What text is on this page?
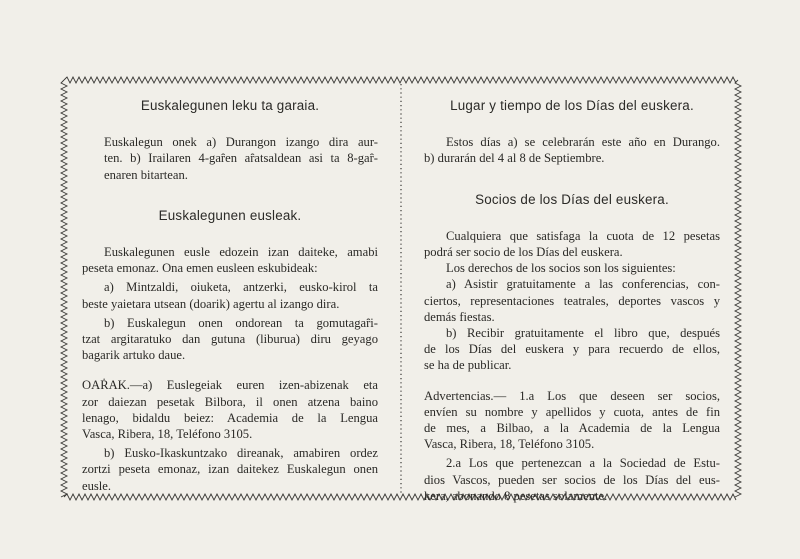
Euskalegunen leku ta garaia.

Euskalegun onek a) Durangon izango dira aur-
ten. b) Irailaren 4-gaȓen aȓatsaldean asi ta 8-gaȓ-
enaren bitartean.

Euskalegunen eusleak.

Euskalegunen eusle edozein izan daiteke, amabi
peseta emonaz. Ona emen eusleen eskubideak:

a) Mintzaldi, oiuketa, antzerki, eusko-kirol ta
beste yaietara utsean (doarik) agertu al izango dira.

b) Euskalegun onen ondorean ta gomutagaȓi-
tzat argitaratuko dan gutuna (liburua) diru geyago
bagarik artuko daue.

OAṘAK.—a) Euslegeiak euren izen-abizenak eta
zor daiezan pesetak Bilbora, il onen atzena baino
lenago, bidaldu beiez: Academia de la Lengua
Vasca, Ribera, 18, Teléfono 3105.

b) Eusko-Ikaskuntzako direanak, amabiren ordez
zortzi peseta emonaz, izan daitekez Euskalegun onen
eusle.

Lugar y tiempo de los Días del euskera.

Estos días a) se celebrarán este año en Durango.
b) durarán del 4 al 8 de Septiembre.

Socios de los Días del euskera.

Cualquiera que satisfaga la cuota de 12 pesetas
podrá ser socio de los Días del euskera.

Los derechos de los socios son los siguientes:

a) Asistir gratuitamente a las conferencias, con-
ciertos, representaciones teatrales, deportes vascos y
demás fiestas.

b) Recibir gratuitamente el libro que, después
de los Días del euskera y para recuerdo de ellos,
se ha de publicar.

Advertencias.— 1.a Los que deseen ser socios,
envíen su nombre y apellidos y cuota, antes de fin
de mes, a Bilbao, a la Academia de la Lengua
Vasca, Ribera, 18, Teléfono 3105.

2.a Los que pertenezcan a la Sociedad de Estu-
dios Vascos, pueden ser socios de los Días del eus-
kera, abonando 8 pesetas solamente.
